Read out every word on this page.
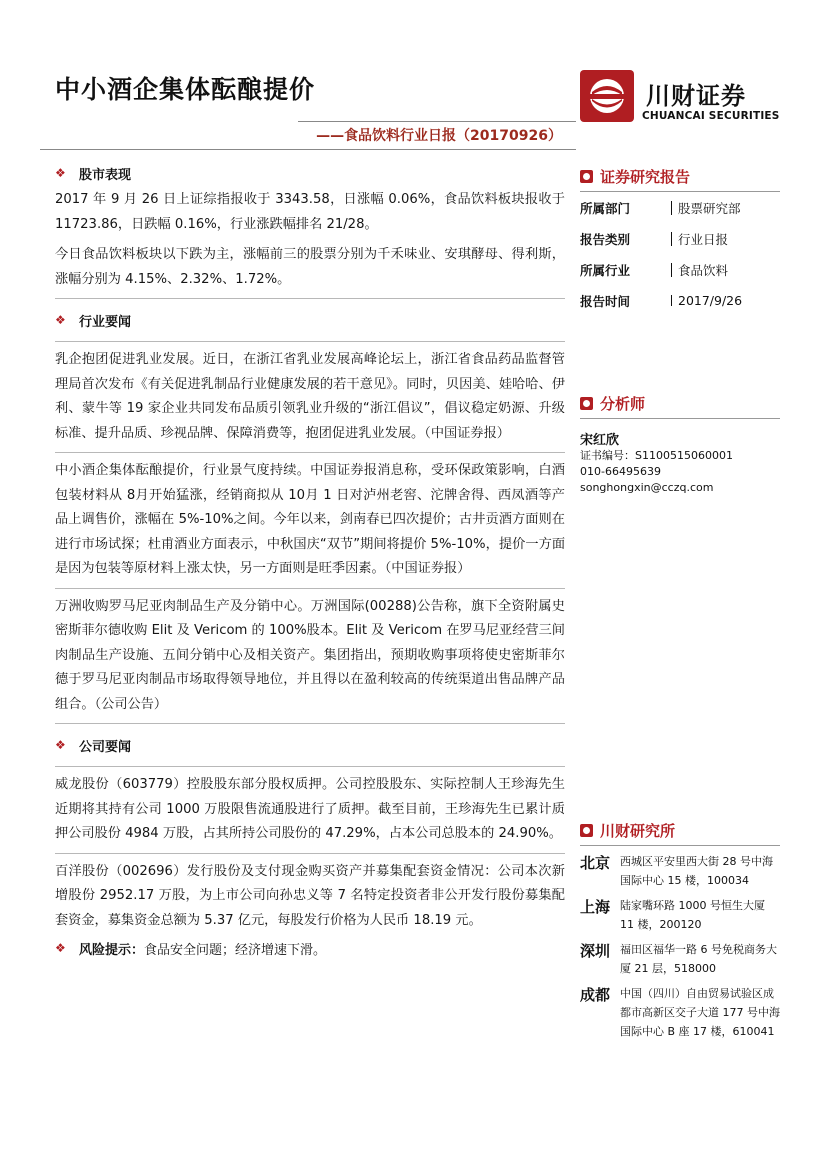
中小酒企集体酝酿提价	川财证券
CHUANCAI SECURITIES
——食品饮料行业日报（20170926）
❖	股市表现

2017 年 9 月 26 日上证综指报收于 3343.58，日涨幅 0.06%，食品饮料板块报收于 11723.86，日跌幅 0.16%，行业涨跌幅排名 21/28。

今日食品饮料板块以下跌为主，涨幅前三的股票分别为千禾味业、安琪酵母、得利斯，涨幅分别为 4.15%、2.32%、1.72%。

❖	行业要闻

乳企抱团促进乳业发展。近日，在浙江省乳业发展高峰论坛上，浙江省食品药品监督管理局首次发布《有关促进乳制品行业健康发展的若干意见》。同时，贝因美、娃哈哈、伊利、蒙牛等 19 家企业共同发布品质引领乳业升级的“浙江倡议”，倡议稳定奶源、升级标准、提升品质、珍视品牌、保障消费等，抱团促进乳业发展。（中国证券报）

中小酒企集体酝酿提价，行业景气度持续。中国证券报消息称，受环保政策影响，白酒包装材料从 8月开始猛涨，经销商拟从 10月 1 日对泸州老窖、沱牌舍得、西凤酒等产品上调售价，涨幅在 5%-10%之间。今年以来，剑南春已四次提价；古井贡酒方面则在进行市场试探；杜甫酒业方面表示，中秋国庆“双节”期间将提价 5%-10%，提价一方面是因为包装等原材料上涨太快，另一方面则是旺季因素。（中国证券报）

万洲收购罗马尼亚肉制品生产及分销中心。万洲国际(00288)公告称，旗下全资附属史密斯菲尔德收购 Elit 及 Vericom 的 100%股本。Elit 及 Vericom 在罗马尼亚经营三间肉制品生产设施、五间分销中心及相关资产。集团指出，预期收购事项将使史密斯菲尔德于罗马尼亚肉制品市场取得领导地位，并且得以在盈利较高的传统渠道出售品牌产品组合。（公司公告）

❖	公司要闻

威龙股份（603779）控股股东部分股权质押。公司控股股东、实际控制人王珍海先生近期将其持有公司 1000 万股限售流通股进行了质押。截至目前，王珍海先生已累计质押公司股份 4984 万股，占其所持公司股份的 47.29%，占本公司总股本的 24.90%。

百洋股份（002696）发行股份及支付现金购买资产并募集配套资金情况：公司本次新增股份 2952.17 万股，为上市公司向孙忠义等 7 名特定投资者非公开发行股份募集配套资金，募集资金总额为 5.37 亿元，每股发行价格为人民币 18.19 元。

❖	风险提示： 食品安全问题；经济增速下滑。
证券研究报告
所属部门	股票研究部
报告类别	行业日报
所属行业	食品饮料
报告时间	2017/9/26
分析师
宋红欣
证书编号：S1100515060001
010-66495639
songhongxin@cczq.com
川财研究所
北京 西城区平安里西大街 28 号中海国际中心 15 楼，100034
上海 陆家嘴环路 1000 号恒生大厦 11 楼，200120
深圳 福田区福华一路 6 号免税商务大厦 21 层，518000
成都 中国（四川）自由贸易试验区成都市高新区交子大道 177 号中海国际中心 B 座 17 楼，610041
